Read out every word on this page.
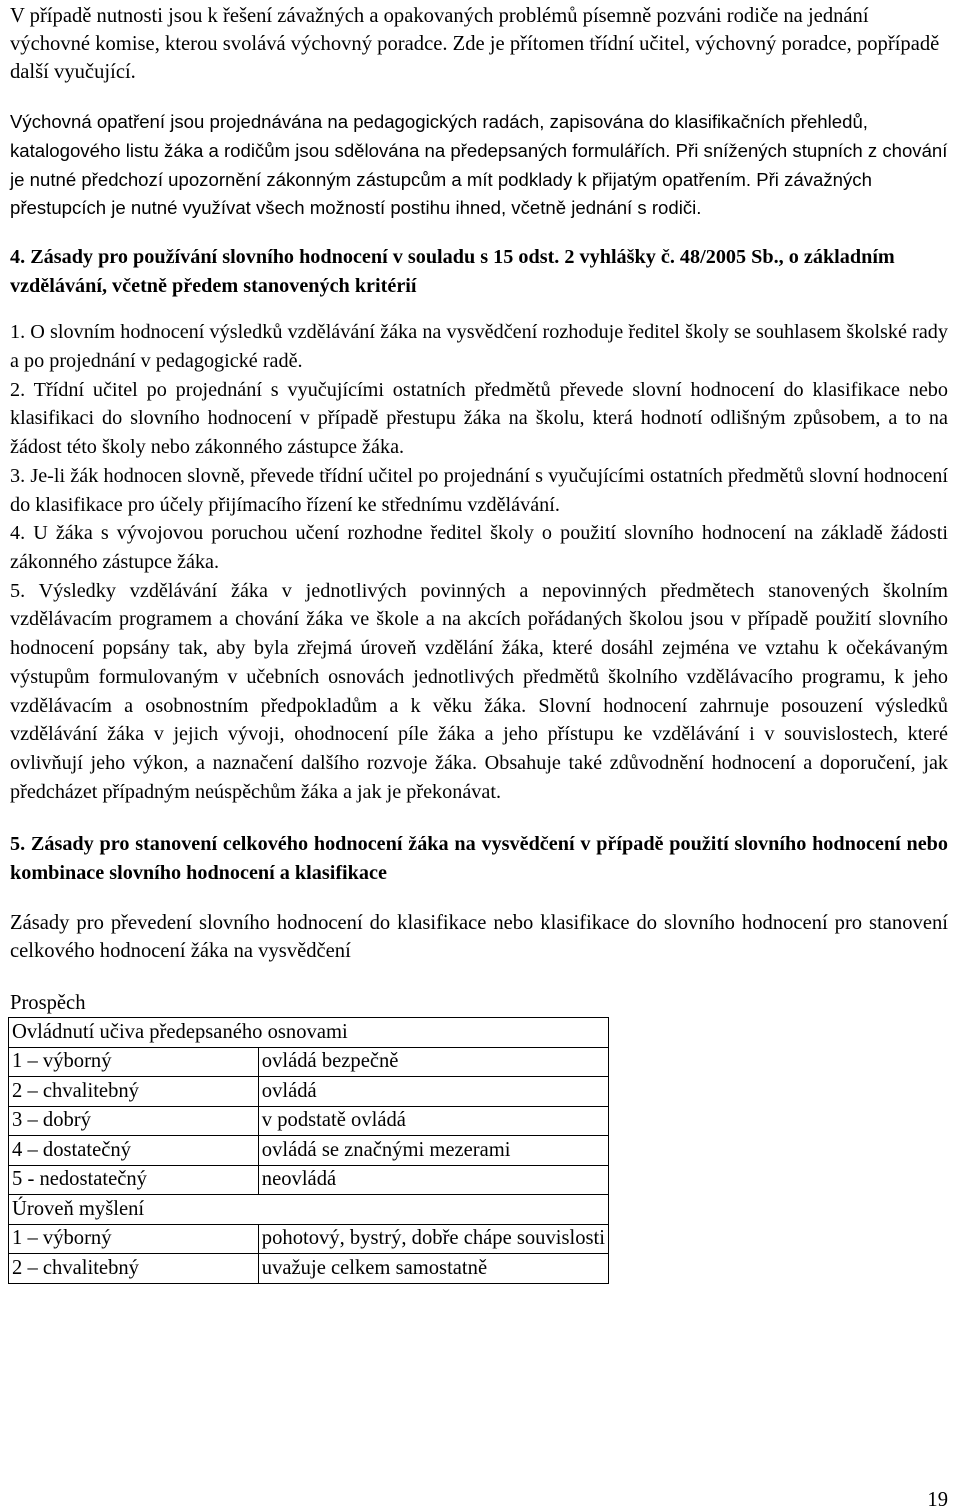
V případě nutnosti jsou k řešení závažných a opakovaných problémů písemně pozváni rodiče na jednání výchovné komise, kterou svolává výchovný poradce. Zde je přítomen třídní učitel, výchovný poradce, popřípadě další vyučující.

Výchovná opatření jsou projednávána na pedagogických radách, zapisována do klasifikačních přehledů, katalogového listu žáka a rodičům jsou sdělována na předepsaných formulářích. Při snížených stupních z chování je nutné předchozí upozornění zákonným zástupcům a mít podklady k přijatým opatřením. Při závažných přestupcích je nutné využívat všech možností postihu ihned, včetně jednání s rodiči.

4. Zásady pro používání slovního hodnocení v souladu s 15 odst. 2 vyhlášky č. 48/2005 Sb., o základním vzdělávání, včetně předem stanovených kritérií

1. O slovním hodnocení výsledků vzdělávání žáka na vysvědčení rozhoduje ředitel školy se souhlasem školské rady a po projednání v pedagogické radě.

2. Třídní učitel po projednání s vyučujícími ostatních předmětů převede slovní hodnocení do klasifikace nebo klasifikaci do slovního hodnocení v případě přestupu žáka na školu, která hodnotí odlišným způsobem, a to na žádost této školy nebo zákonného zástupce žáka.

3. Je-li žák hodnocen slovně, převede třídní učitel po projednání s vyučujícími ostatních předmětů slovní hodnocení do klasifikace pro účely přijímacího řízení ke střednímu vzdělávání.

4. U žáka s vývojovou poruchou učení rozhodne ředitel školy o použití slovního hodnocení na základě žádosti zákonného zástupce žáka.

5. Výsledky vzdělávání žáka v jednotlivých povinných a nepovinných předmětech stanovených školním vzdělávacím programem a chování žáka ve škole a na akcích pořádaných školou jsou v případě použití slovního hodnocení popsány tak, aby byla zřejmá úroveň vzdělání žáka, které dosáhl zejména ve vztahu k očekávaným výstupům formulovaným v učebních osnovách jednotlivých předmětů školního vzdělávacího programu, k jeho vzdělávacím a osobnostním předpokladům a k věku žáka. Slovní hodnocení zahrnuje posouzení výsledků vzdělávání žáka v jejich vývoji, ohodnocení píle žáka a jeho přístupu ke vzdělávání i v souvislostech, které ovlivňují jeho výkon, a naznačení dalšího rozvoje žáka. Obsahuje také zdůvodnění hodnocení a doporučení, jak předcházet případným neúspěchům žáka a jak je překonávat.

5. Zásady pro stanovení celkového hodnocení žáka na vysvědčení v případě použití slovního hodnocení nebo kombinace slovního hodnocení a klasifikace

Zásady pro převedení slovního hodnocení do klasifikace nebo klasifikace do slovního hodnocení pro stanovení celkového hodnocení žáka na vysvědčení

Prospěch

Ovládnutí učiva předepsaného osnovami	
1 – výborný	ovládá bezpečně
2 – chvalitebný	ovládá
3 – dobrý	v podstatě ovládá
4 – dostatečný	ovládá se značnými mezerami
5 - nedostatečný	neovládá
Úroveň myšlení	
1 – výborný	pohotový, bystrý, dobře chápe souvislosti
2 – chvalitebný	uvažuje celkem samostatně
19
